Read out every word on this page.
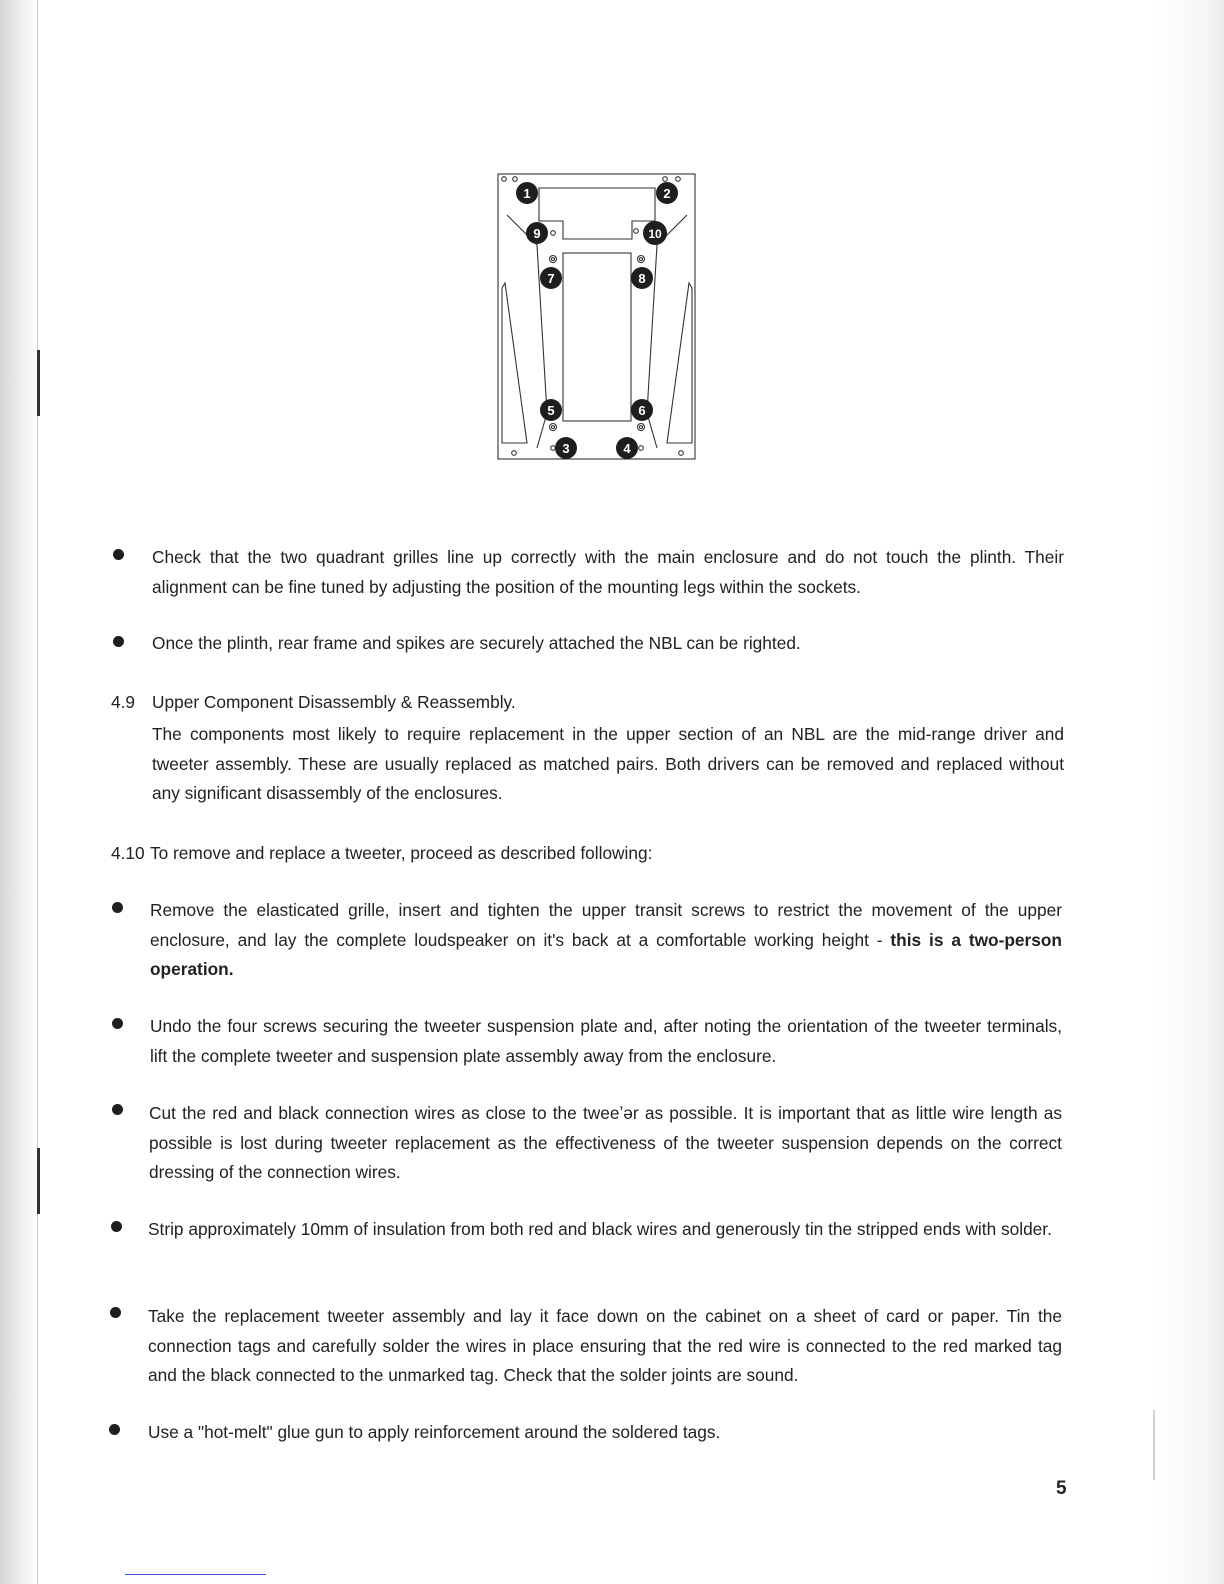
1	2
3	4
5	6
7	8
9	10

Check that the two quadrant grilles line up correctly with the main enclosure and do not touch the plinth. Their alignment can be fine tuned by adjusting the position of the mounting legs within the sockets.

Once the plinth, rear frame and spikes are securely attached the NBL can be righted.

4.9 Upper Component Disassembly & Reassembly.

The components most likely to require replacement in the upper section of an NBL are the mid-range driver and tweeter assembly. These are usually replaced as matched pairs. Both drivers can be removed and replaced without any significant disassembly of the enclosures.

4.10 To remove and replace a tweeter, proceed as described following:

Remove the elasticated grille, insert and tighten the upper transit screws to restrict the movement of the upper enclosure, and lay the complete loudspeaker on it's back at a comfortable working height - this is a two-person operation.

Undo the four screws securing the tweeter suspension plate and, after noting the orientation of the tweeter terminals, lift the complete tweeter and suspension plate assembly away from the enclosure.

Cut the red and black connection wires as close to the tweeʼər as possible. It is important that as little wire length as possible is lost during tweeter replacement as the effectiveness of the tweeter suspension depends on the correct dressing of the connection wires.

Strip approximately 10mm of insulation from both red and black wires and generously tin the stripped ends with solder.

Take the replacement tweeter assembly and lay it face down on the cabinet on a sheet of card or paper. Tin the connection tags and carefully solder the wires in place ensuring that the red wire is connected to the red marked tag and the black connected to the unmarked tag. Check that the solder joints are sound.

Use a "hot-melt" glue gun to apply reinforcement around the soldered tags.

5
